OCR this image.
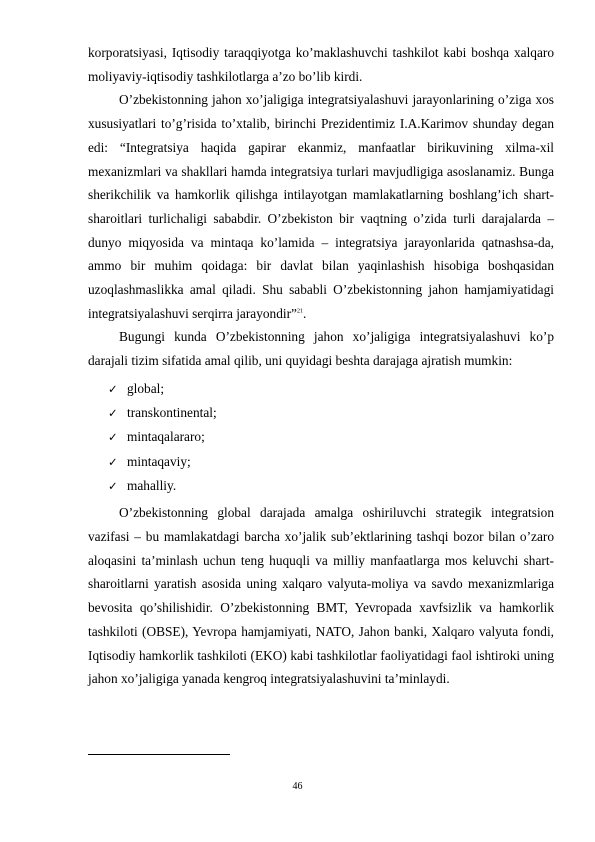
korporatsiyasi, Iqtisodiy taraqqiyotga ko’maklashuvchi tashkilot kabi boshqa xalqaro moliyaviy-iqtisodiy tashkilotlarga a’zo bo’lib kirdi.

O’zbekistonning jahon xo’jaligiga integratsiyalashuvi jarayonlarining o’ziga xos xususiyatlari to’g’risida to’xtalib, birinchi Prezidentimiz I.A.Karimov shunday degan edi: “Integratsiya haqida gapirar ekanmiz, manfaatlar birikuvining xilma-xil mexanizmlari va shakllari hamda integratsiya turlari mavjudligiga asoslanamiz. Bunga sherikchilik va hamkorlik qilishga intilayotgan mamlakatlarning boshlang’ich shart-sharoitlari turlichaligi sababdir. O’zbekiston bir vaqtning o’zida turli darajalarda – dunyo miqyosida va mintaqa ko’lamida – integratsiya jarayonlarida qatnashsa-da, ammo bir muhim qoidaga: bir davlat bilan yaqinlashish hisobiga boshqasidan uzoqlashmaslikka amal qiladi. Shu sababli O’zbekistonning jahon hamjamiyatidagi integratsiyalashuvi serqirra jarayondir”$^{21}$.

Bugungi kunda O’zbekistonning jahon xo’jaligiga integratsiyalashuvi ko’p darajali tizim sifatida amal qilib, uni quyidagi beshta darajaga ajratish mumkin:

✓ global;
✓ transkontinental;
✓ mintaqalararo;
✓ mintaqaviy;
✓ mahalliy.

O’zbekistonning global darajada amalga oshiriluvchi strategik integratsion vazifasi – bu mamlakatdagi barcha xo’jalik sub’ektlarining tashqi bozor bilan o’zaro aloqasini ta’minlash uchun teng huquqli va milliy manfaatlarga mos keluvchi shart- sharoitlarni yaratish asosida uning xalqaro valyuta-moliya va savdo mexanizmlariga bevosita qo’shilishidir. O’zbekistonning BMT, Yevropada xavfsizlik va hamkorlik tashkiloti (OBSE), Yevropa hamjamiyati, NATO, Jahon banki, Xalqaro valyuta fondi, Iqtisodiy hamkorlik tashkiloti (EKO) kabi tashkilotlar faoliyatidagi faol ishtiroki uning jahon xo’jaligiga yanada kengroq integratsiyalashuvini ta’minlaydi.

46
